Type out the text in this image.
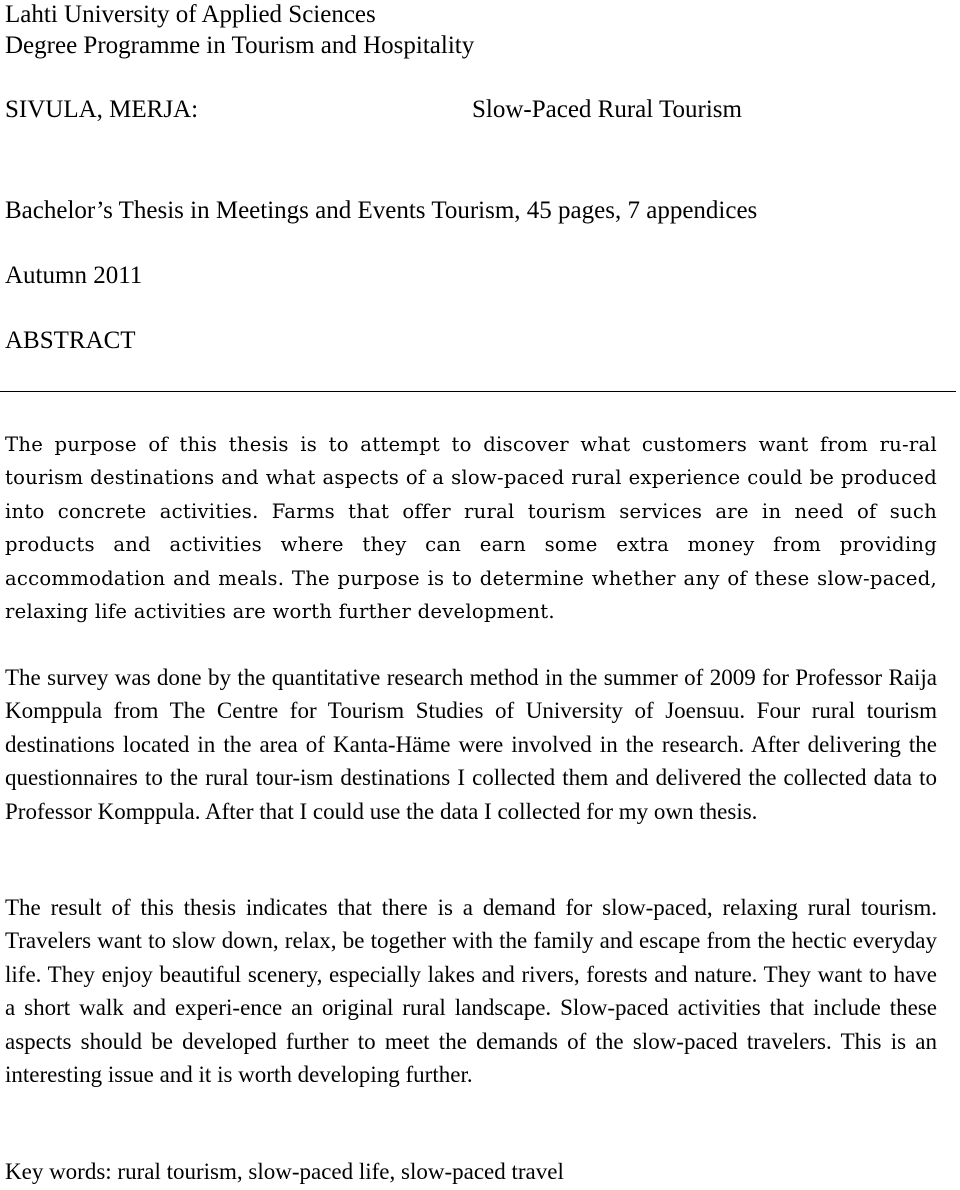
Lahti University of Applied Sciences
Degree Programme in Tourism and Hospitality
SIVULA, MERJA:	Slow-Paced Rural Tourism
Bachelor’s Thesis in Meetings and Events Tourism, 45 pages, 7 appendices
Autumn 2011
ABSTRACT

The purpose of this thesis is to attempt to discover what customers want from ru-ral tourism destinations and what aspects of a slow-paced rural experience could be produced into concrete activities. Farms that offer rural tourism services are in need of such products and activities where they can earn some extra money from providing accommodation and meals. The purpose is to determine whether any of these slow-paced, relaxing life activities are worth further development.

The survey was done by the quantitative research method in the summer of 2009 for Professor Raija Komppula from The Centre for Tourism Studies of University of Joensuu. Four rural tourism destinations located in the area of Kanta-Häme were involved in the research. After delivering the questionnaires to the rural tour-ism destinations I collected them and delivered the collected data to Professor Komppula. After that I could use the data I collected for my own thesis.

The result of this thesis indicates that there is a demand for slow-paced, relaxing rural tourism. Travelers want to slow down, relax, be together with the family and escape from the hectic everyday life. They enjoy beautiful scenery, especially lakes and rivers, forests and nature. They want to have a short walk and experi-ence an original rural landscape. Slow-paced activities that include these aspects should be developed further to meet the demands of the slow-paced travelers. This is an interesting issue and it is worth developing further.

Key words: rural tourism, slow-paced life, slow-paced travel
